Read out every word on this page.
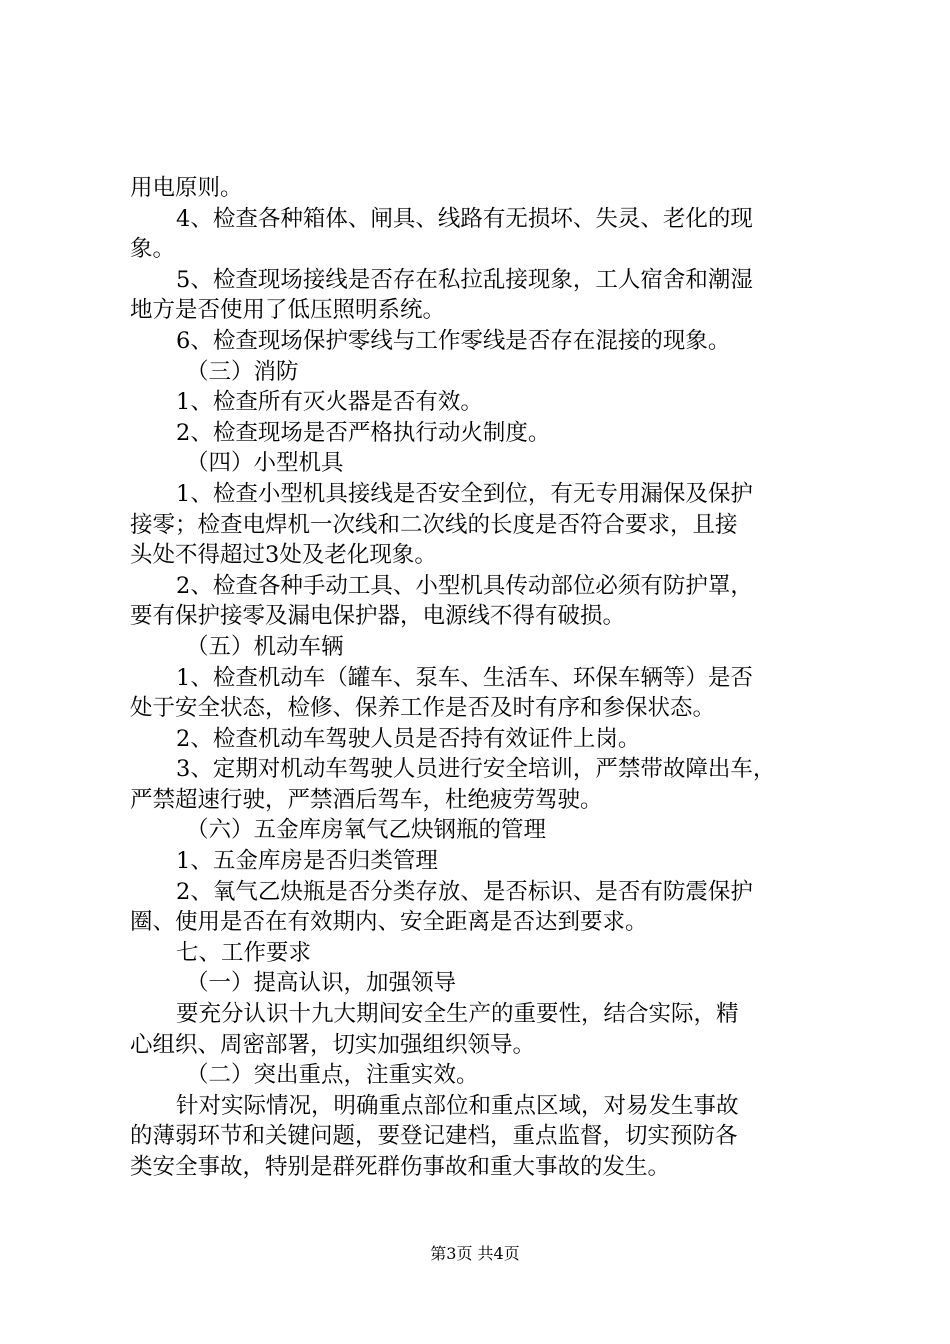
用电原则。
4、检查各种箱体、闸具、线路有无损坏、失灵、老化的现
象。
5、检查现场接线是否存在私拉乱接现象，工人宿舍和潮湿
地方是否使用了低压照明系统。
6、检查现场保护零线与工作零线是否存在混接的现象。
（三）消防
1、检查所有灭火器是否有效。
2、检查现场是否严格执行动火制度。
（四）小型机具
1、检查小型机具接线是否安全到位，有无专用漏保及保护
接零；检查电焊机一次线和二次线的长度是否符合要求，且接
头处不得超过3处及老化现象。
2、检查各种手动工具、小型机具传动部位必须有防护罩，
要有保护接零及漏电保护器，电源线不得有破损。
（五）机动车辆
1、检查机动车（罐车、泵车、生活车、环保车辆等）是否
处于安全状态，检修、保养工作是否及时有序和参保状态。
2、检查机动车驾驶人员是否持有效证件上岗。
3、定期对机动车驾驶人员进行安全培训，严禁带故障出车，
严禁超速行驶，严禁酒后驾车，杜绝疲劳驾驶。
（六）五金库房氧气乙炔钢瓶的管理
1、五金库房是否归类管理
2、氧气乙炔瓶是否分类存放、是否标识、是否有防震保护
圈、使用是否在有效期内、安全距离是否达到要求。
七、工作要求
（一）提高认识，加强领导
要充分认识十九大期间安全生产的重要性，结合实际，精
心组织、周密部署，切实加强组织领导。
（二）突出重点，注重实效。
针对实际情况，明确重点部位和重点区域，对易发生事故
的薄弱环节和关键问题，要登记建档，重点监督，切实预防各
类安全事故，特别是群死群伤事故和重大事故的发生。
第3页 共4页
